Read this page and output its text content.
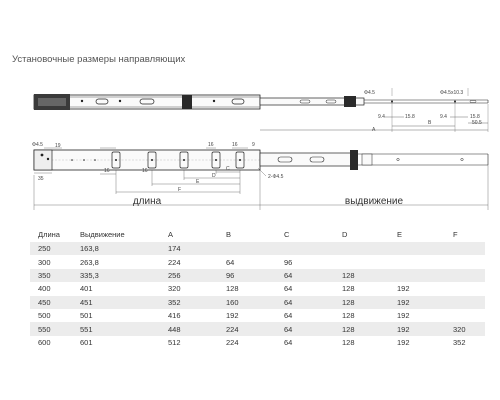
Установочные размеры направляющих
Φ4.5	Φ4.5x10.3
9.4	15.8	9.4	15.8
50.5
A
B
Φ4.5 19
35
16	16
16	16	9
C
D
E
F
2-Φ4.5
длина	выдвижение
Длина	Выдвижение	A	B	C	D	E	F
250	163,8	174					
300	263,8	224	64	96			
350	335,3	256	96	64	128		
400	401	320	128	64	128	192	
450	451	352	160	64	128	192	
500	501	416	192	64	128	192	
550	551	448	224	64	128	192	320
600	601	512	224	64	128	192	352
